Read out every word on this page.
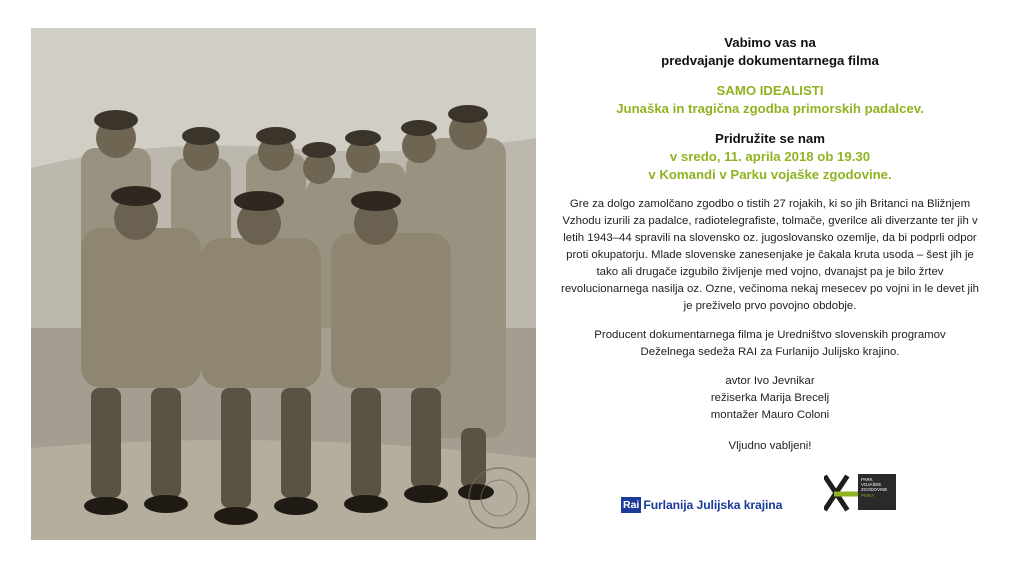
Vabimo vas na

predvajanje dokumentarnega filma

SAMO IDEALISTI

Junaška in tragična zgodba primorskih padalcev.

Pridružite se nam

v sredo, 11. aprila 2018 ob 19.30

v Komandi v Parku vojaške zgodovine.

Gre za dolgo zamolčano zgodbo o tistih 27 rojakih, ki so jih Britanci na Bližnjem Vzhodu izurili za padalce, radiotelegrafiste, tolmače, gverilce ali diverzante ter jih v letih 1943–44 spravili na slovensko oz. jugoslovansko ozemlje, da bi podprli odpor proti okupatorju. Mlade slovenske zanesenjake je čakala kruta usoda – šest jih je tako ali drugače izgubilo življenje med vojno, dvanajst pa je bilo žrtev revolucionarnega nasilja oz. Ozne, večinoma nekaj mesecev po vojni in le devet jih je preživelo prvo povojno obdobje.
Producent dokumentarnega filma je Uredništvo slovenskih programov
Deželnega sedeža RAI za Furlanijo Julijsko krajino.
avtor Ivo Jevnikar
režiserka Marija Brecelj
montažer Mauro Coloni
Vljudno vabljeni!
Rai Furlanija Julijska krajina
PARK
VOJAŠKE
ZGODOVINE
PIVKA
